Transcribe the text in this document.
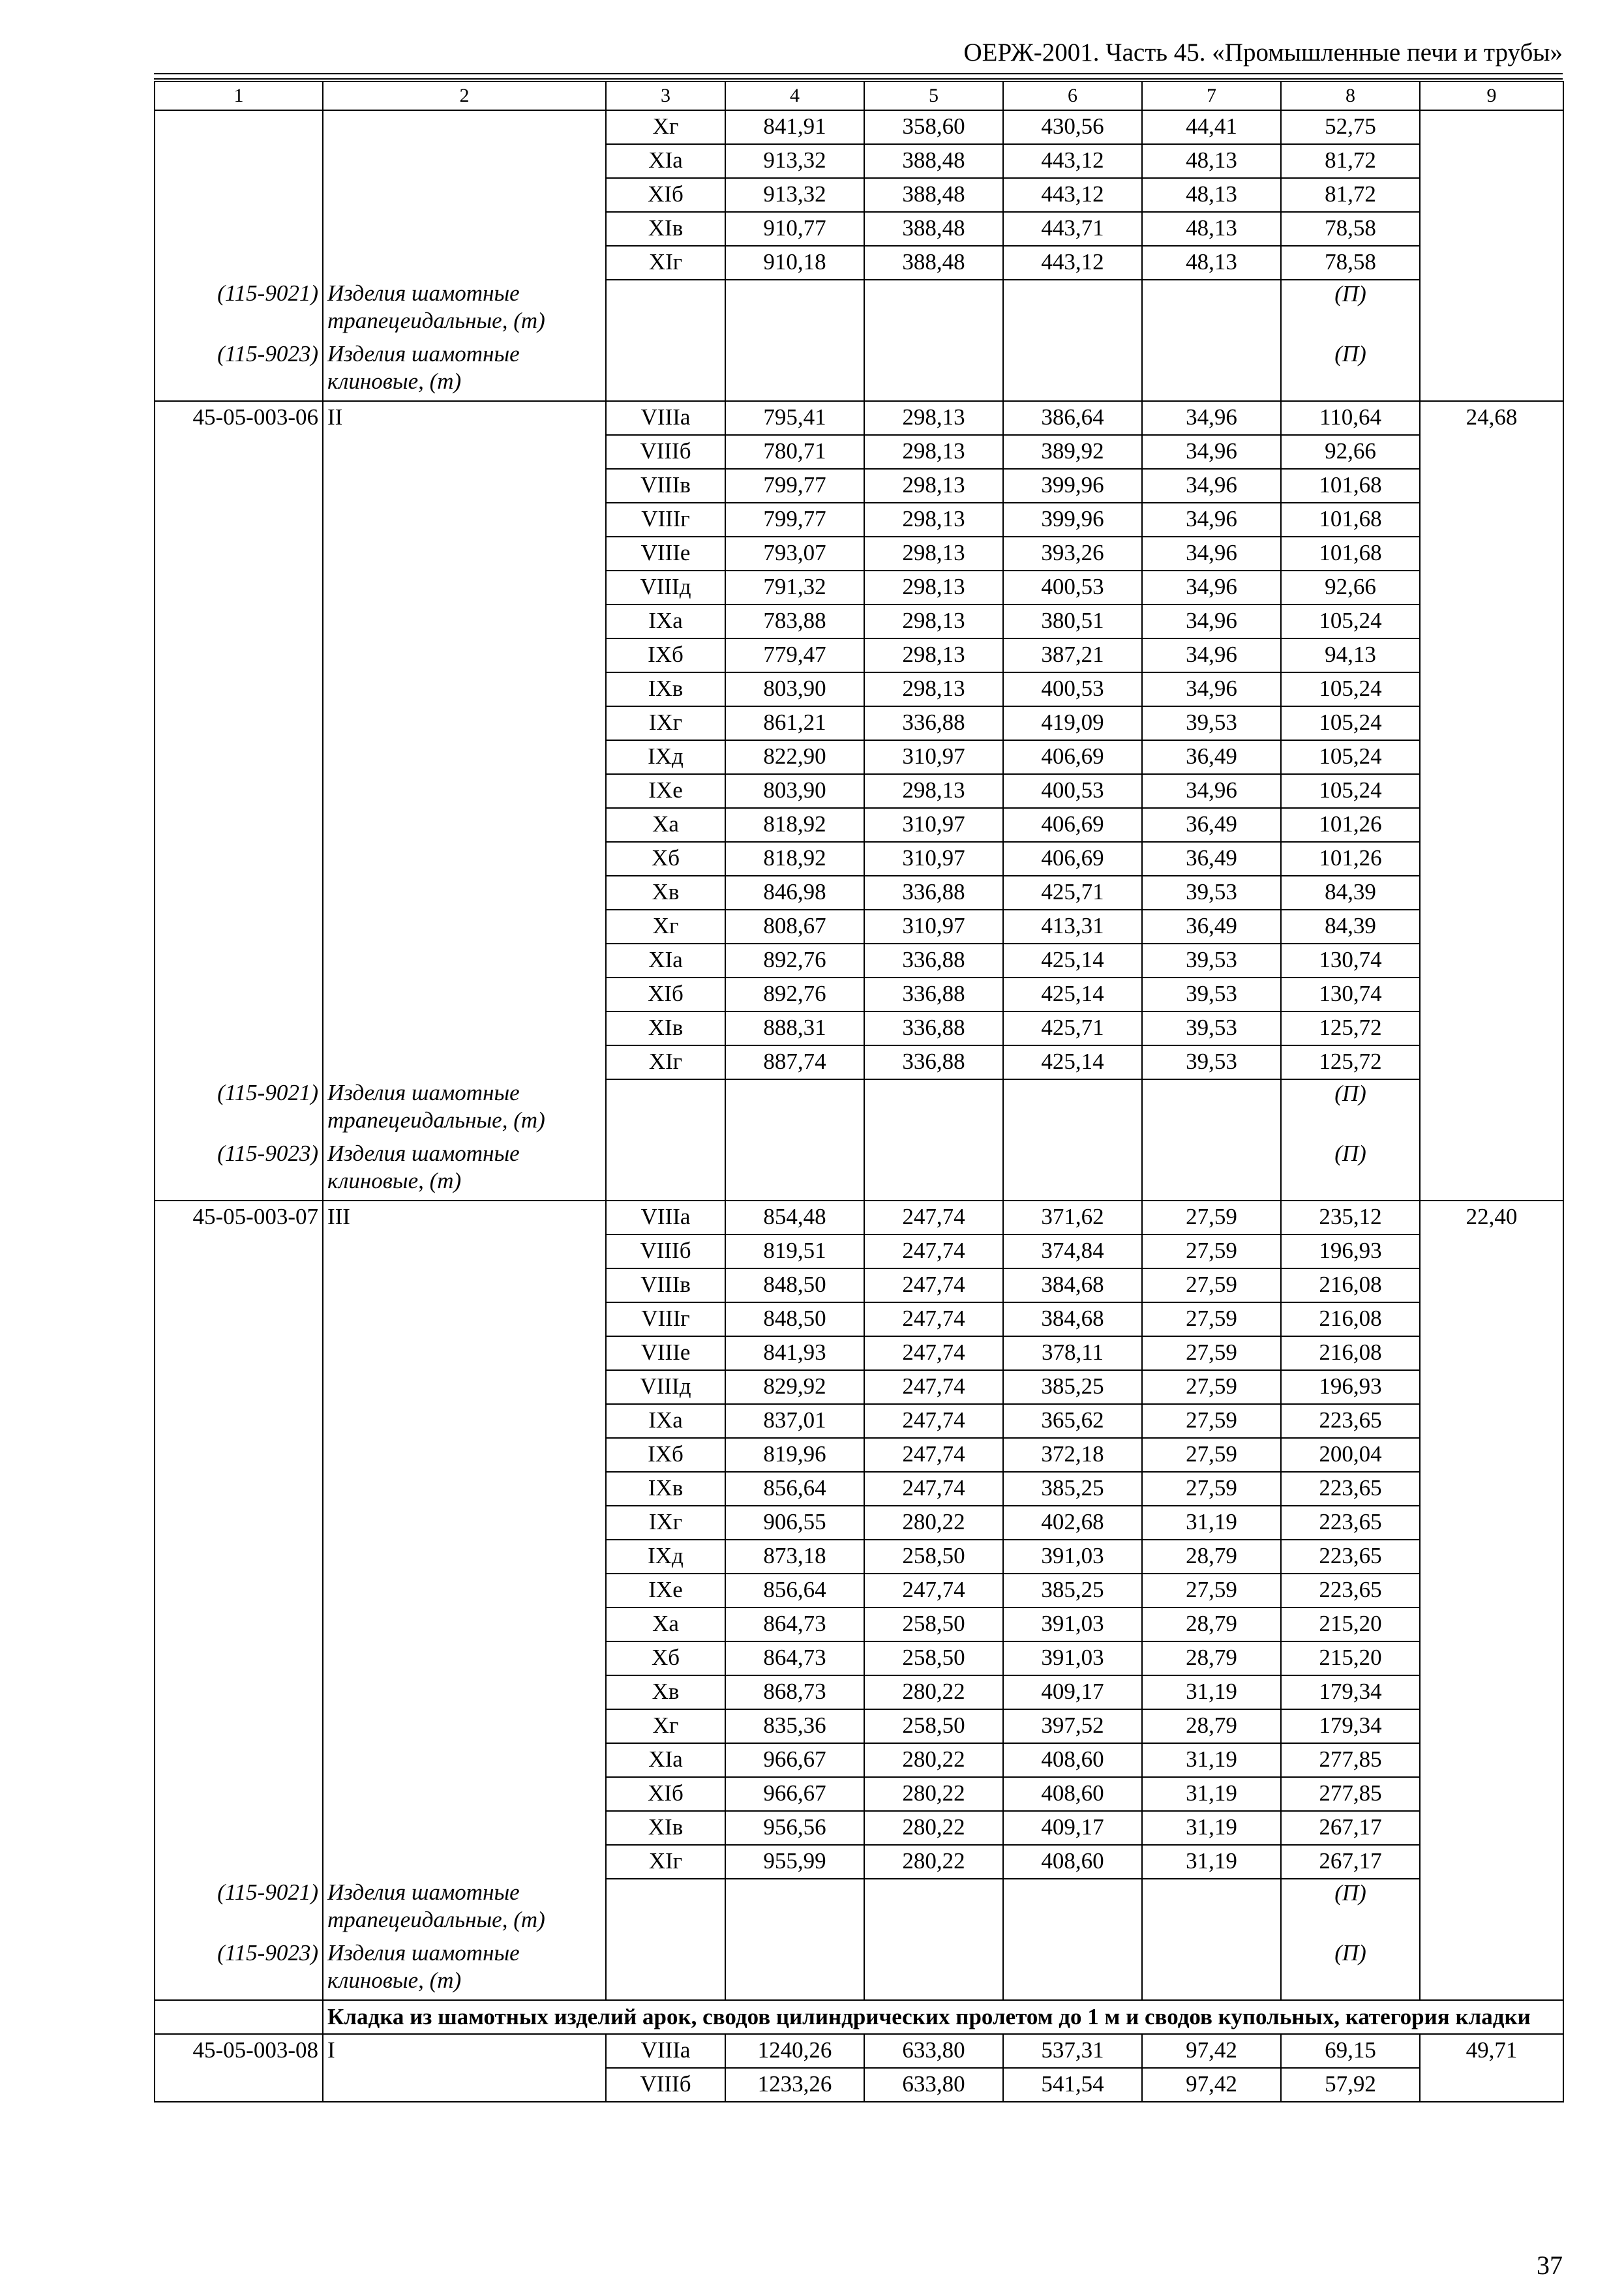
ОЕРЖ-2001. Часть 45. «Промышленные печи и трубы»
1	2	3	4	5	6	7	8	9
		Хг	841,91	358,60	430,56	44,41	52,75	
		ХIа	913,32	388,48	443,12	48,13	81,72	
		ХIб	913,32	388,48	443,12	48,13	81,72	
		ХIв	910,77	388,48	443,71	48,13	78,58	
		ХIг	910,18	388,48	443,12	48,13	78,58	
(115-9021)	Изделия шамотные трапецеидальные, (т)						(П)	
(115-9023)	Изделия шамотные клиновые, (т)						(П)	
45-05-003-06	II	VIIIа	795,41	298,13	386,64	34,96	110,64	24,68
		VIIIб	780,71	298,13	389,92	34,96	92,66	
		VIIIв	799,77	298,13	399,96	34,96	101,68	
		VIIIг	799,77	298,13	399,96	34,96	101,68	
		VIIIе	793,07	298,13	393,26	34,96	101,68	
		VIIIд	791,32	298,13	400,53	34,96	92,66	
		IХа	783,88	298,13	380,51	34,96	105,24	
		IХб	779,47	298,13	387,21	34,96	94,13	
		IХв	803,90	298,13	400,53	34,96	105,24	
		IХг	861,21	336,88	419,09	39,53	105,24	
		IХд	822,90	310,97	406,69	36,49	105,24	
		IХе	803,90	298,13	400,53	34,96	105,24	
		Ха	818,92	310,97	406,69	36,49	101,26	
		Хб	818,92	310,97	406,69	36,49	101,26	
		Хв	846,98	336,88	425,71	39,53	84,39	
		Хг	808,67	310,97	413,31	36,49	84,39	
		ХIа	892,76	336,88	425,14	39,53	130,74	
		ХIб	892,76	336,88	425,14	39,53	130,74	
		ХIв	888,31	336,88	425,71	39,53	125,72	
		ХIг	887,74	336,88	425,14	39,53	125,72	
(115-9021)	Изделия шамотные трапецеидальные, (т)						(П)	
(115-9023)	Изделия шамотные клиновые, (т)						(П)	
45-05-003-07	III	VIIIа	854,48	247,74	371,62	27,59	235,12	22,40
		VIIIб	819,51	247,74	374,84	27,59	196,93	
		VIIIв	848,50	247,74	384,68	27,59	216,08	
		VIIIг	848,50	247,74	384,68	27,59	216,08	
		VIIIе	841,93	247,74	378,11	27,59	216,08	
		VIIIд	829,92	247,74	385,25	27,59	196,93	
		IХа	837,01	247,74	365,62	27,59	223,65	
		IХб	819,96	247,74	372,18	27,59	200,04	
		IХв	856,64	247,74	385,25	27,59	223,65	
		IХг	906,55	280,22	402,68	31,19	223,65	
		IХд	873,18	258,50	391,03	28,79	223,65	
		IХе	856,64	247,74	385,25	27,59	223,65	
		Ха	864,73	258,50	391,03	28,79	215,20	
		Хб	864,73	258,50	391,03	28,79	215,20	
		Хв	868,73	280,22	409,17	31,19	179,34	
		Хг	835,36	258,50	397,52	28,79	179,34	
		ХIа	966,67	280,22	408,60	31,19	277,85	
		ХIб	966,67	280,22	408,60	31,19	277,85	
		ХIв	956,56	280,22	409,17	31,19	267,17	
		ХIг	955,99	280,22	408,60	31,19	267,17	
(115-9021)	Изделия шамотные трапецеидальные, (т)						(П)	
(115-9023)	Изделия шамотные клиновые, (т)						(П)	
	Кладка из шамотных изделий арок, сводов цилиндрических пролетом до 1 м и сводов купольных, категория кладки							
45-05-003-08	I	VIIIа	1240,26	633,80	537,31	97,42	69,15	49,71
		VIIIб	1233,26	633,80	541,54	97,42	57,92	
37
